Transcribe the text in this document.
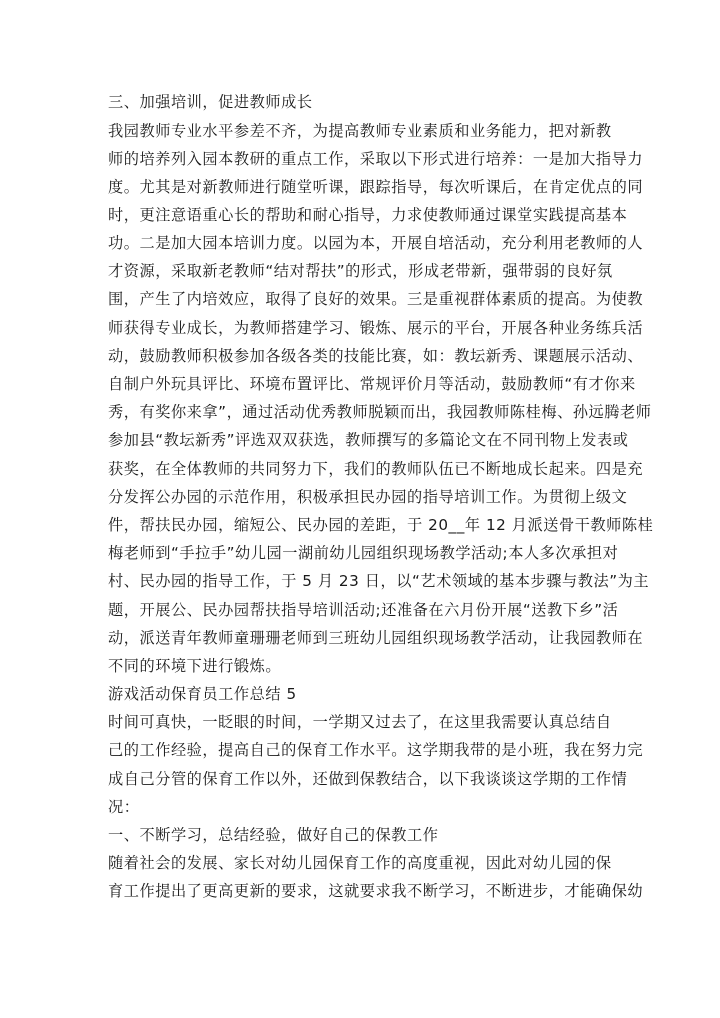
三、加强培训，促进教师成长
我园教师专业水平参差不齐，为提高教师专业素质和业务能力，把对新教
师的培养列入园本教研的重点工作，采取以下形式进行培养：一是加大指导力
度。尤其是对新教师进行随堂听课，跟踪指导，每次听课后，在肯定优点的同
时，更注意语重心长的帮助和耐心指导，力求使教师通过课堂实践提高基本
功。二是加大园本培训力度。以园为本，开展自培活动，充分利用老教师的人
才资源，采取新老教师“结对帮扶”的形式，形成老带新，强带弱的良好氛
围，产生了内培效应，取得了良好的效果。三是重视群体素质的提高。为使教
师获得专业成长，为教师搭建学习、锻炼、展示的平台，开展各种业务练兵活
动，鼓励教师积极参加各级各类的技能比赛，如：教坛新秀、课题展示活动、
自制户外玩具评比、环境布置评比、常规评价月等活动，鼓励教师“有才你来
秀，有奖你来拿”，通过活动优秀教师脱颖而出，我园教师陈桂梅、孙远腾老师
参加县“教坛新秀”评选双双获选，教师撰写的多篇论文在不同刊物上发表或
获奖，在全体教师的共同努力下，我们的教师队伍已不断地成长起来。四是充
分发挥公办园的示范作用，积极承担民办园的指导培训工作。为贯彻上级文
件，帮扶民办园，缩短公、民办园的差距，于 20__年 12 月派送骨干教师陈桂
梅老师到“手拉手”幼儿园一湖前幼儿园组织现场教学活动;本人多次承担对
村、民办园的指导工作，于 5 月 23 日，以“艺术领域的基本步骤与教法”为主
题，开展公、民办园帮扶指导培训活动;还准备在六月份开展“送教下乡”活
动，派送青年教师童珊珊老师到三班幼儿园组织现场教学活动，让我园教师在
不同的环境下进行锻炼。
游戏活动保育员工作总结 5
时间可真快，一眨眼的时间，一学期又过去了，在这里我需要认真总结自
己的工作经验，提高自己的保育工作水平。这学期我带的是小班，我在努力完
成自己分管的保育工作以外，还做到保教结合，以下我谈谈这学期的工作情
况：
一、不断学习，总结经验，做好自己的保教工作
随着社会的发展、家长对幼儿园保育工作的高度重视，因此对幼儿园的保
育工作提出了更高更新的要求，这就要求我不断学习，不断进步，才能确保幼
